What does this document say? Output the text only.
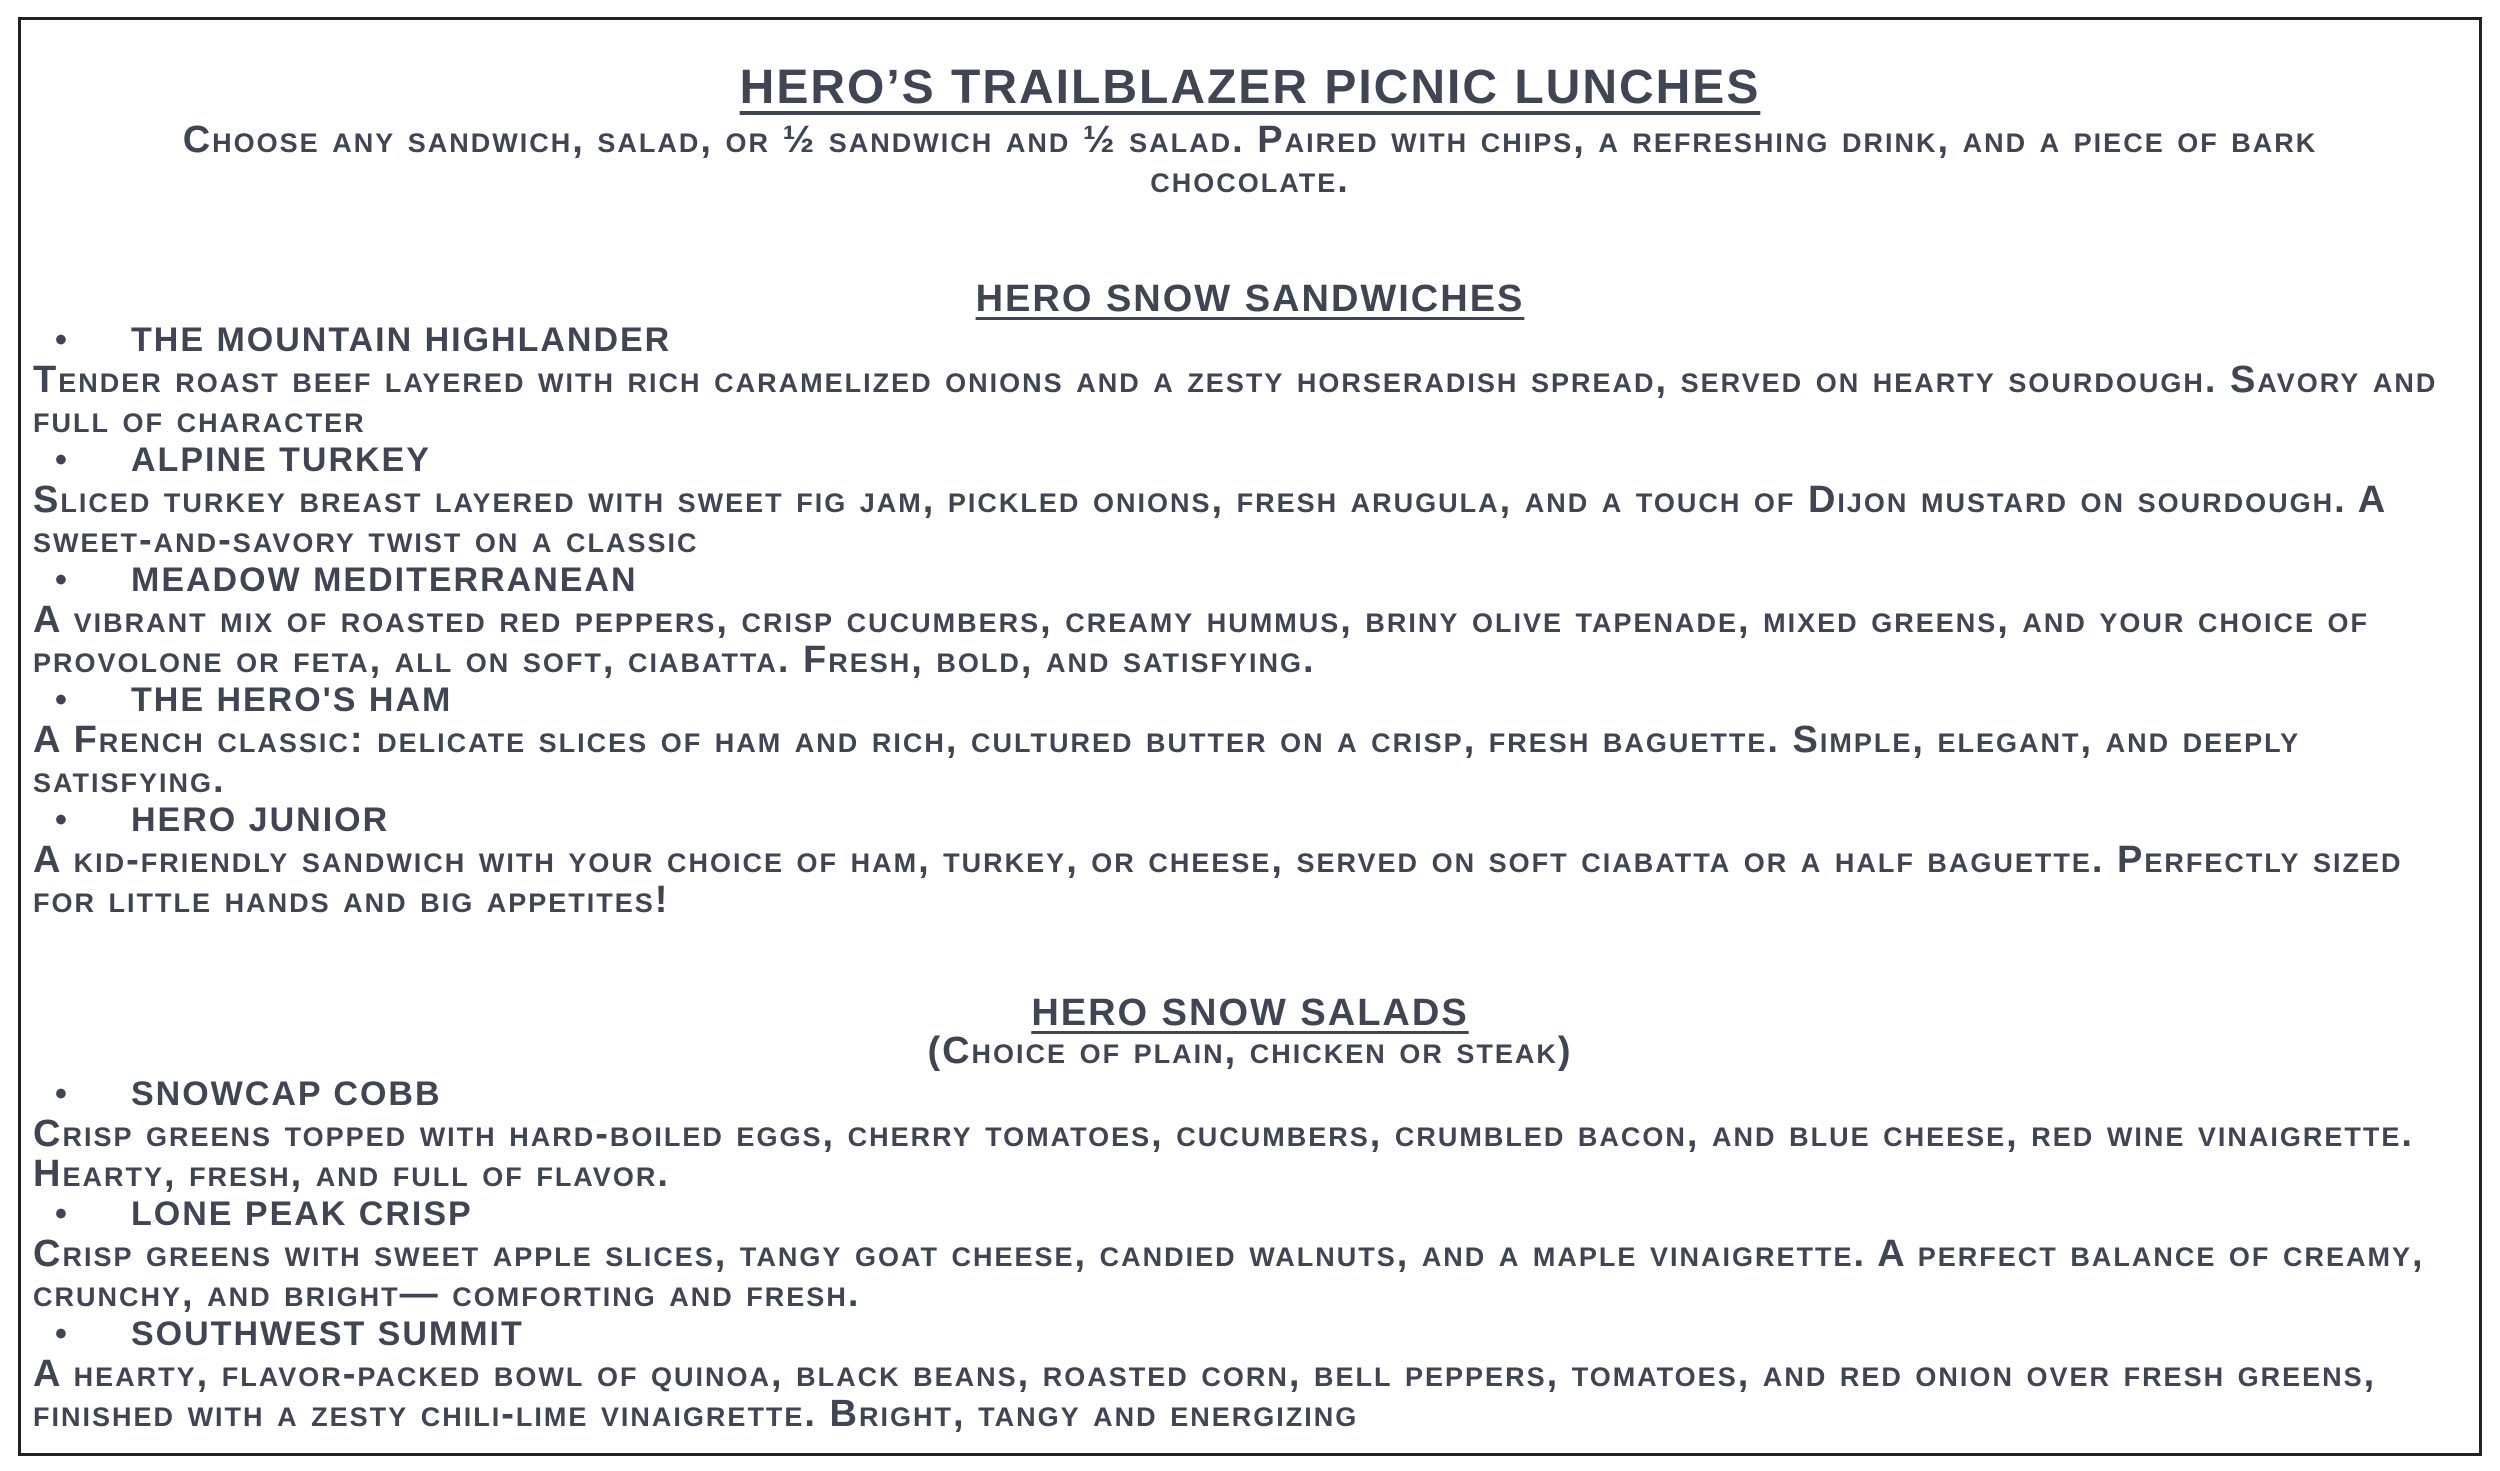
HERO’S TRAILBLAZER PICNIC LUNCHES

Choose any sandwich, salad, or ½ sandwich and ½ salad. Paired with chips, a refreshing drink, and a piece of bark chocolate.

HERO SNOW SANDWICHES
•	THE MOUNTAIN HIGHLANDER

Tender roast beef layered with rich caramelized onions and a zesty horseradish spread, served on hearty sourdough. Savory and full of character

•	ALPINE TURKEY

Sliced turkey breast layered with sweet fig jam, pickled onions, fresh arugula, and a touch of Dijon mustard on sourdough. A sweet-and-savory twist on a classic

•	MEADOW MEDITERRANEAN

A vibrant mix of roasted red peppers, crisp cucumbers, creamy hummus, briny olive tapenade, mixed greens, and your choice of provolone or feta, all on soft, ciabatta. Fresh, bold, and satisfying.

•	THE HERO'S HAM

A French classic: delicate slices of ham and rich, cultured butter on a crisp, fresh baguette. Simple, elegant, and deeply satisfying.

•	HERO JUNIOR

A kid-friendly sandwich with your choice of ham, turkey, or cheese, served on soft ciabatta or a half baguette. Perfectly sized for little hands and big appetites!

HERO SNOW SALADS

(Choice of plain, chicken or steak)

•	SNOWCAP COBB

Crisp greens topped with hard-boiled eggs, cherry tomatoes, cucumbers, crumbled bacon, and blue cheese, red wine vinaigrette. Hearty, fresh, and full of flavor.

•	LONE PEAK CRISP

Crisp greens with sweet apple slices, tangy goat cheese, candied walnuts, and a maple vinaigrette. A perfect balance of creamy, crunchy, and bright— comforting and fresh.

•	SOUTHWEST SUMMIT

A hearty, flavor-packed bowl of quinoa, black beans, roasted corn, bell peppers, tomatoes, and red onion over fresh greens, finished with a zesty chili-lime vinaigrette. Bright, tangy and energizing
